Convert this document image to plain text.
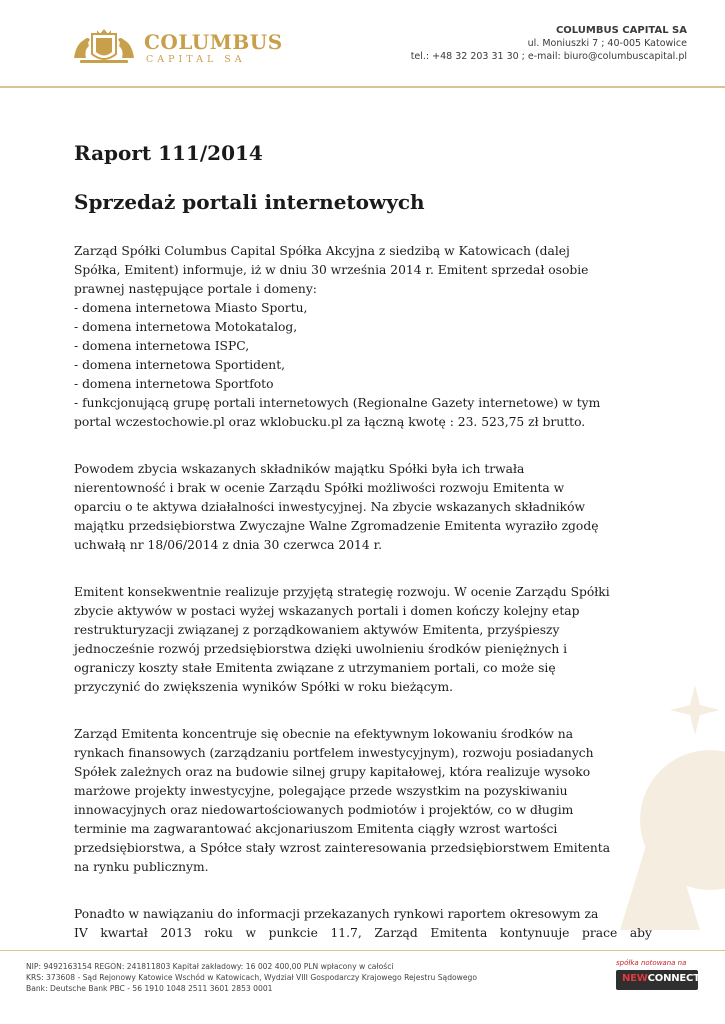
COLUMBUS
CAPITAL SA
COLUMBUS CAPITAL SA
ul. Moniuszki 7 ; 40-005 Katowice
tel.: +48 32 203 31 30 ; e-mail: biuro@columbuscapital.pl
Raport 111/2014
Sprzedaż portali internetowych
Zarząd Spółki Columbus Capital Spółka Akcyjna z siedzibą w Katowicach (dalej
Spółka, Emitent) informuje, iż w dniu 30 września 2014 r. Emitent sprzedał osobie
prawnej następujące portale i domeny:
- domena internetowa Miasto Sportu,
- domena internetowa Motokatalog,
- domena internetowa ISPC,
- domena internetowa Sportident,
- domena internetowa Sportfoto
- funkcjonującą grupę portali internetowych (Regionalne Gazety internetowe) w tym
portal wczestochowie.pl oraz wklobucku.pl za łączną kwotę : 23. 523,75 zł brutto.
Powodem zbycia wskazanych składników majątku Spółki była ich trwała
nierentowność i brak w ocenie Zarządu Spółki możliwości rozwoju Emitenta w
oparciu o te aktywa działalności inwestycyjnej. Na zbycie wskazanych składników
majątku przedsiębiorstwa Zwyczajne Walne Zgromadzenie Emitenta wyraziło zgodę
uchwałą nr 18/06/2014 z dnia 30 czerwca 2014 r.
Emitent konsekwentnie realizuje przyjętą strategię rozwoju. W ocenie Zarządu Spółki
zbycie aktywów w postaci wyżej wskazanych portali i domen kończy kolejny etap
restrukturyzacji związanej z porządkowaniem aktywów Emitenta, przyśpieszy
jednocześnie rozwój przedsiębiorstwa dzięki uwolnieniu środków pieniężnych i
ograniczy koszty stałe Emitenta związane z utrzymaniem portali, co może się
przyczynić do zwiększenia wyników Spółki w roku bieżącym.
Zarząd Emitenta koncentruje się obecnie na efektywnym lokowaniu środków na
rynkach finansowych (zarządzaniu portfelem inwestycyjnym), rozwoju posiadanych
Spółek zależnych oraz na budowie silnej grupy kapitałowej, która realizuje wysoko
marżowe projekty inwestycyjne, polegające przede wszystkim na pozyskiwaniu
innowacyjnych oraz niedowartościowanych podmiotów i projektów, co w długim
terminie ma zagwarantować akcjonariuszom Emitenta ciągły wzrost wartości
przedsiębiorstwa, a Spółce stały wzrost zainteresowania przedsiębiorstwem Emitenta
na rynku publicznym.
Ponadto w nawiązaniu do informacji przekazanych rynkowi raportem okresowym za
IV kwartał 2013 roku w punkcie 11.7, Zarząd Emitenta kontynuuje prace aby
NIP: 9492163154 REGON: 241811803 Kapitał zakładowy: 16 002 400,00 PLN wpłacony w całości
KRS: 373608 - Sąd Rejonowy Katowice Wschód w Katowicach, Wydział VIII Gospodarczy Krajowego Rejestru Sądowego
Bank: Deutsche Bank PBC - 56 1910 1048 2511 3601 2853 0001
spółka notowana na
NEWCONNECT
